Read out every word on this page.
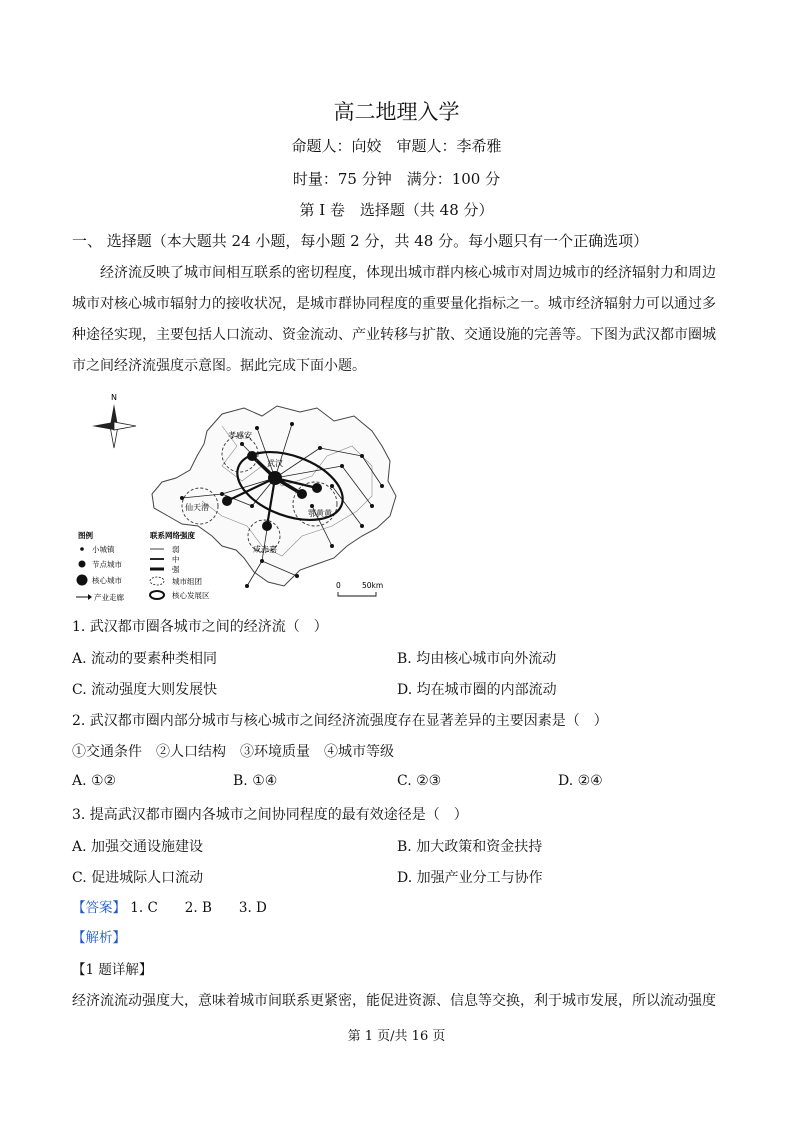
高二地理入学
命题人：向姣　审题人：李希雅
时量：75 分钟　满分：100 分
第 I 卷　选择题（共 48 分）
一、 选择题（本大题共 24 小题，每小题 2 分，共 48 分。每小题只有一个正确选项）
经济流反映了城市间相互联系的密切程度，体现出城市群内核心城市对周边城市的经济辐射力和周边城市对核心城市辐射力的接收状况，是城市群协同程度的重要量化指标之一。城市经济辐射力可以通过多种途径实现，主要包括人口流动、资金流动、产业转移与扩散、交通设施的完善等。下图为武汉都市圈城市之间经济流强度示意图。据此完成下面小题。
N
孝感安
武汉
仙天潜
鄂黄黄
咸赤嘉
图例	联系网络强度
小城镇
节点城市
核心城市
产业走廊
弱
中
强
城市组团
核心发展区
0	50km
1. 武汉都市圈各城市之间的经济流（　）
A. 流动的要素种类相同	B. 均由核心城市向外流动
C. 流动强度大则发展快	D. 均在城市圈的内部流动
2. 武汉都市圈内部分城市与核心城市之间经济流强度存在显著差异的主要因素是（　）
①交通条件　②人口结构　③环境质量　④城市等级
A. ①②	B. ①④	C. ②③	D. ②④
3. 提高武汉都市圈内各城市之间协同程度的最有效途径是（　）
A. 加强交通设施建设	B. 加大政策和资金扶持
C. 促进城际人口流动	D. 加强产业分工与协作
【答案】 1. C　　2. B　　3. D
【解析】
【1 题详解】
经济流流动强度大，意味着城市间联系更紧密，能促进资源、信息等交换，利于城市发展，所以流动强度
第 1 页/共 16 页
